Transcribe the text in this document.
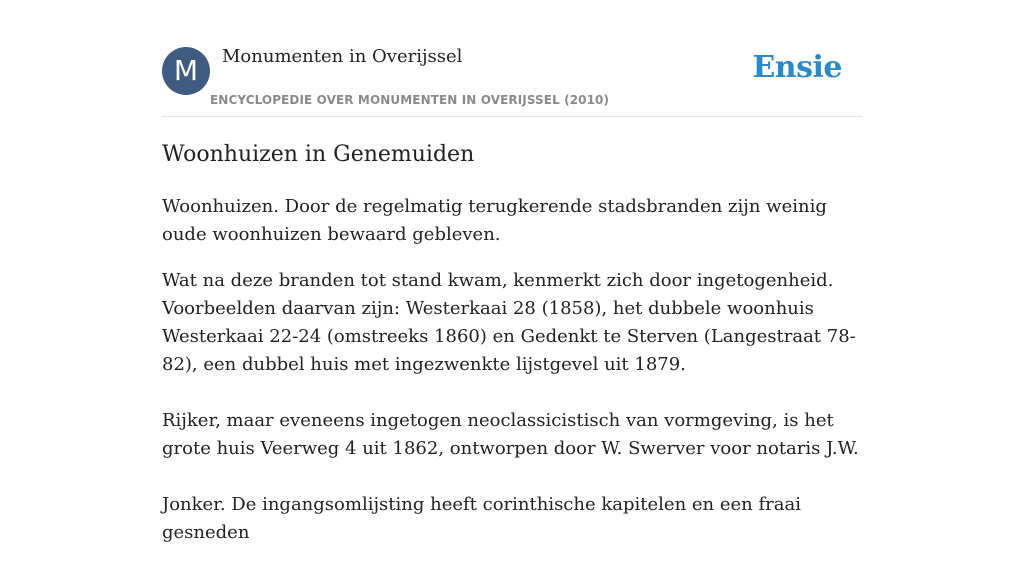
M	Monumenten in Overijssel
ENCYCLOPEDIE OVER MONUMENTEN IN OVERIJSSEL (2010)
Ensie
Woonhuizen in Genemuiden

Woonhuizen. Door de regelmatig terugkerende stadsbranden zijn weinig oude woonhuizen bewaard gebleven.

Wat na deze branden tot stand kwam, kenmerkt zich door ingetogenheid. Voorbeelden daarvan zijn: Westerkaai 28 (1858), het dubbele woonhuis Westerkaai 22-24 (omstreeks 1860) en Gedenkt te Sterven (Langestraat 78-82), een dubbel huis met ingezwenkte lijstgevel uit 1879.

Rijker, maar eveneens ingetogen neoclassicistisch van vormgeving, is het grote huis Veerweg 4 uit 1862, ontworpen door W. Swerver voor notaris J.W.

Jonker. De ingangsomlijsting heeft corinthische kapitelen en een fraai gesneden
